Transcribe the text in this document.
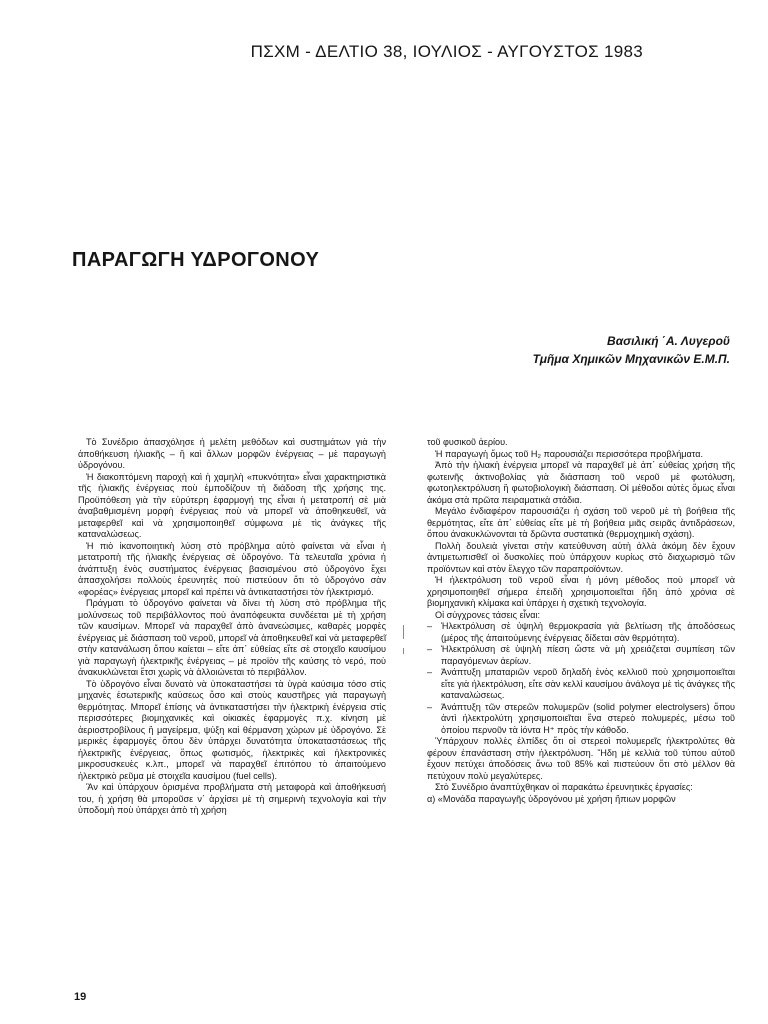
ΠΣΧΜ - ΔΕΛΤΙΟ 38, ΙΟΥΛΙΟΣ - ΑΥΓΟΥΣΤΟΣ 1983
ΠΑΡΑΓΩΓΗ ΥΔΡΟΓΟΝΟΥ
Βασιλική ΄Α. Λυγεροῦ
Τμῆμα Χημικῶν Μηχανικῶν Ε.Μ.Π.

Τὸ Συνέδριο ἀπασχόλησε ἡ μελέτη μεθόδων καὶ συστημάτων γιὰ τὴν ἀποθήκευση ἡλιακῆς – ἢ καὶ ἄλλων μορφῶν ἐνέργειας – μὲ παραγωγὴ ὑδρογόνου.

Ἡ διακοπτόμενη παροχὴ καὶ ἡ χαμηλὴ «πυκνότητα» εἶναι χαρακτηριστικὰ τῆς ἡλιακῆς ἐνέργειας ποὺ ἐμποδίζουν τὴ διάδοση τῆς χρήσης της. Προϋπόθεση γιὰ τὴν εὐρύτερη ἐφαρμογή της εἶναι ἡ μετατροπή σὲ μιὰ ἀναβαθμισμένη μορφὴ ἐνέργειας ποὺ νὰ μπορεῖ νὰ ἀποθηκευθεῖ, νὰ μεταφερθεῖ καὶ νὰ χρησιμοποιηθεῖ σύμφωνα μὲ τὶς ἀνάγκες τῆς καταναλώσεως.

Ἡ πιὸ ἱκανοποιητικὴ λύση στὸ πρόβλημα αὐτὸ φαίνεται νὰ εἶναι ἡ μετατροπὴ τῆς ἡλιακῆς ἐνέργειας σὲ ὑδρογόνο. Τὰ τελευταῖα χρόνια ἡ ἀνάπτυξη ἑνὸς συστήματος ἐνέργειας βασισμένου στὸ ὑδρογόνο ἔχει ἀπασχολήσει πολλοὺς ἐρευνητὲς ποὺ πιστεύουν ὅτι τὸ ὑδρογόνο σὰν «φορέας» ἐνέργειας μπορεῖ καὶ πρέπει νὰ ἀντικαταστήσει τὸν ἠλεκτρισμό.

Πράγματι τὸ ὑδρογόνο φαίνεται νὰ δίνει τὴ λύση στὸ πρόβλημα τῆς μολύνσεως τοῦ περιβάλλοντος ποὺ ἀναπόφευκτα συνδέεται μὲ τὴ χρήση τῶν καυσίμων. Μπορεῖ νὰ παραχθεῖ ἀπὸ ἀνανεώσιμες, καθαρὲς μορφὲς ἐνέργειας μὲ διάσπαση τοῦ νεροῦ, μπορεῖ νὰ ἀποθηκευθεῖ καὶ νὰ μεταφερθεῖ στὴν κατανάλωση ὅπου καίεται – εἴτε ἀπ΄ εὐθείας εἴτε σὲ στοιχεῖο καυσίμου γιὰ παραγωγὴ ἠλεκτρικῆς ἐνέργειας – μὲ προϊὸν τῆς καύσης τὸ νερό, ποὺ ἀνακυκλώνεται ἔτσι χωρὶς νὰ ἀλλοιώνεται τὸ περιβάλλον.

Τὸ ὑδρογόνο εἶναι δυνατὸ νὰ ὑποκαταστήσει τὰ ὑγρὰ καύσιμα τόσο στὶς μηχανὲς ἐσωτερικῆς καύσεως ὅσο καὶ στοὺς καυστῆρες γιὰ παραγωγὴ θερμότητας. Μπορεῖ ἐπίσης νὰ ἀντικαταστήσει τὴν ἠλεκτρικὴ ἐνέργεια στὶς περισσότερες βιομηχανικὲς καὶ οἰκιακὲς ἐφαρμογὲς π.χ. κίνηση μὲ ἀεριοστροβίλους ἢ μαγείρεμα, ψύξη καὶ θέρμανση χώρων μὲ ὑδρογόνο. Σὲ μερικὲς ἐφαρμογὲς ὅπου δὲν ὑπάρχει δυνατότητα ὑποκαταστάσεως τῆς ἠλεκτρικῆς ἐνέργειας, ὅπως φωτισμός, ἠλεκτρικὲς καὶ ἠλεκτρονικὲς μικροσυσκευὲς κ.λπ., μπορεῖ νὰ παραχθεῖ ἐπιτόπου τὸ ἀπαιτούμενο ἠλεκτρικὸ ρεῦμα μὲ στοιχεῖα καυσίμου (fuel cells).

Ἂν καὶ ὑπάρχουν ὁρισμένα προβλήματα στὴ μεταφορὰ καὶ ἀποθήκευσή του, ἡ χρήση θὰ μποροῦσε ν΄ ἀρχίσει μὲ τὴ σημερινὴ τεχνολογία καὶ τὴν ὑποδομὴ ποὺ ὑπάρχει ἀπὸ τὴ χρήση

τοῦ φυσικοῦ ἀερίου.

Ἡ παραγωγὴ ὅμως τοῦ H₂ παρουσιάζει περισσότερα προβλήματα.

Ἀπὸ τὴν ἡλιακὴ ἐνέργεια μπορεῖ νὰ παραχθεῖ μὲ ἀπ΄ εὐθείας χρήση τῆς φωτεινῆς ἀκτινοβολίας γιὰ διάσπαση τοῦ νεροῦ μὲ φωτόλυση, φωτοηλεκτρόλυση ἢ φωτοβιολογικὴ διάσπαση. Οἱ μέθοδοι αὐτὲς ὅμως εἶναι ἀκόμα στὰ πρῶτα πειραματικὰ στάδια.

Μεγάλο ἐνδιαφέρον παρουσιάζει ἡ σχάση τοῦ νεροῦ μὲ τὴ βοήθεια τῆς θερμότητας, εἴτε ἀπ΄ εὐθείας εἴτε μὲ τὴ βοήθεια μιᾶς σειρᾶς ἀντιδράσεων, ὅπου ἀνακυκλώνονται τὰ δρῶντα συστατικὰ (θερμοχημικὴ σχάση).

Πολλὴ δουλειὰ γίνεται στὴν κατεύθυνση αὐτὴ ἀλλὰ ἀκόμη δὲν ἔχουν ἀντιμετωπισθεῖ οἱ δυσκολίες ποὺ ὑπάρχουν κυρίως στὸ διαχωρισμὸ τῶν προϊόντων καὶ στὸν ἔλεγχο τῶν παραπροϊόντων.

Ἡ ἠλεκτρόλυση τοῦ νεροῦ εἶναι ἡ μόνη μέθοδος ποὺ μπορεῖ νὰ χρησιμοποιηθεῖ σήμερα ἐπειδὴ χρησιμοποιεῖται ἤδη ἀπὸ χρόνια σὲ βιομηχανικὴ κλίμακα καὶ ὑπάρχει ἡ σχετικὴ τεχνολογία.

Οἱ σύγχρονες τάσεις εἶναι:

– Ἠλεκτρόλυση σὲ ὑψηλὴ θερμοκρασία γιὰ βελτίωση τῆς ἀποδόσεως (μέρος τῆς ἀπαιτούμενης ἐνέργειας δίδεται σὰν θερμότητα).
– Ἠλεκτρόλυση σὲ ὑψηλὴ πίεση ὥστε νὰ μὴ χρειάζεται συμπίεση τῶν παραγόμενων ἀερίων.
– Ἀνάπτυξη μπαταριῶν νεροῦ δηλαδὴ ἑνὸς κελλιοῦ ποὺ χρησιμοποιεῖται εἴτε γιὰ ἠλεκτρόλυση, εἴτε σὰν κελλὶ καυσίμου ἀνάλογα μὲ τὶς ἀνάγκες τῆς καταναλώσεως.
– Ἀνάπτυξη τῶν στερεῶν πολυμερῶν (solid polymer electrolysers) ὅπου ἀντὶ ἠλεκτρολύτη χρησιμοποιεῖται ἕνα στερεὸ πολυμερές, μέσω τοῦ ὁποίου περνοῦν τὰ ἰόντα H⁺ πρὸς τὴν κάθοδο.

Ὑπάρχουν πολλὲς ἐλπίδες ὅτι οἱ στερεοὶ πολυμερεῖς ἠλεκτρολύτες θὰ φέρουν ἐπανάσταση στὴν ἠλεκτρόλυση. Ἤδη μὲ κελλιὰ τοῦ τύπου αὐτοῦ ἔχουν πετύχει ἀποδόσεις ἄνω τοῦ 85% καὶ πιστεύουν ὅτι στὸ μέλλον θὰ πετύχουν πολὺ μεγαλύτερες.

Στὸ Συνέδριο ἀναπτύχθηκαν οἱ παρακάτω ἐρευνητικὲς ἐργασίες:

α) «Μονάδα παραγωγῆς ὑδρογόνου μὲ χρήση ἤπιων μορφῶν

19
